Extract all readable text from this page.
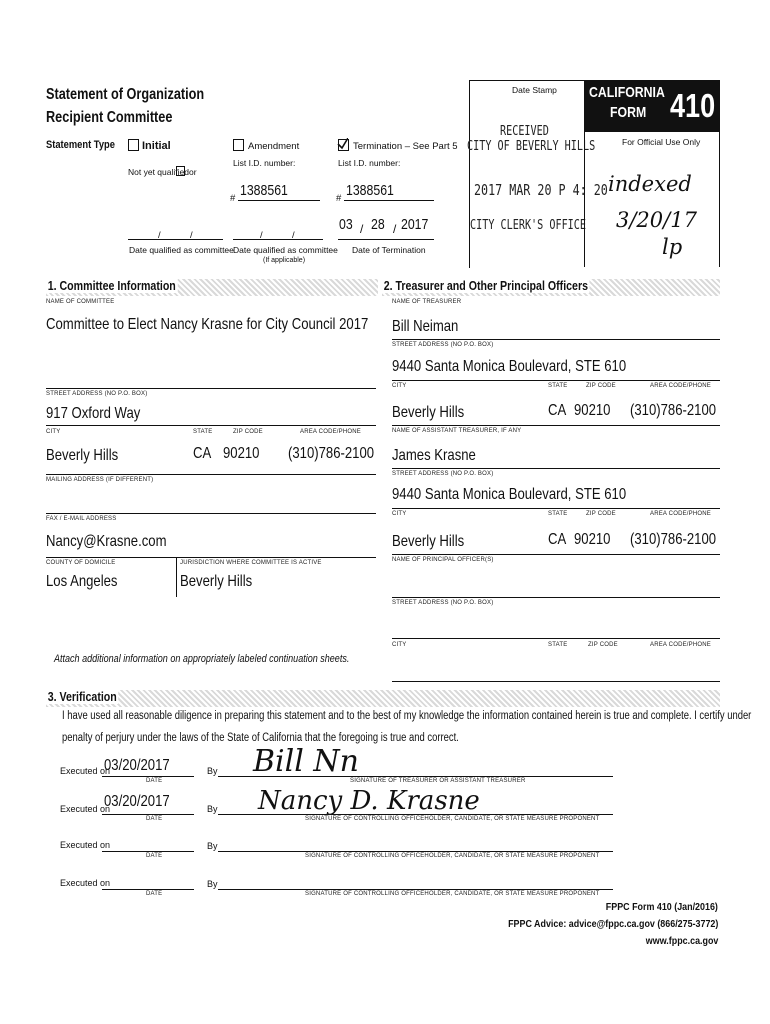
Statement of Organization
Recipient Committee
Statement Type Initial
Not yet qualified or
Amendment
List I.D. number:
# 1388561
Termination – See Part 5
List I.D. number:
# 1388561
/	/
Date qualified as committee
/	/
Date qualified as committee
(If applicable)
03 / 28 / 2017
Date of Termination
Date Stamp
RECEIVED
CITY OF BEVERLY HILLS
2017 MAR 20 P 4: 20
CITY CLERK'S OFFICE
CALIFORNIA
FORM 410
For Official Use Only
indexed
3/20/17
lp
1. Committee Information	2. Treasurer and Other Principal Officers
NAME OF COMMITTEE
Committee to Elect Nancy Krasne for City Council 2017
STREET ADDRESS (NO P.O. BOX)
917 Oxford Way
CITY	STATE	ZIP CODE	AREA CODE/PHONE
Beverly Hills	CA 90210 (310)786-2100
MAILING ADDRESS (IF DIFFERENT)
FAX / E-MAIL ADDRESS
Nancy@Krasne.com
COUNTY OF DOMICILE	JURISDICTION WHERE COMMITTEE IS ACTIVE
Los Angeles	Beverly Hills
NAME OF TREASURER
Bill Neiman
STREET ADDRESS (NO P.O. BOX)
9440 Santa Monica Boulevard, STE 610
CITY	STATE	ZIP CODE	AREA CODE/PHONE
Beverly Hills	CA 90210 (310)786-2100
NAME OF ASSISTANT TREASURER, IF ANY
James Krasne
STREET ADDRESS (NO P.O. BOX)
9440 Santa Monica Boulevard, STE 610
CITY	STATE	ZIP CODE	AREA CODE/PHONE
Beverly Hills	CA 90210 (310)786-2100
NAME OF PRINCIPAL OFFICER(S)
STREET ADDRESS (NO P.O. BOX)
CITY	STATE	ZIP CODE	AREA CODE/PHONE
Attach additional information on appropriately labeled continuation sheets.
3. Verification
I have used all reasonable diligence in preparing this statement and to the best of my knowledge the information contained herein is true and complete. I certify under
penalty of perjury under the laws of the State of California that the foregoing is true and correct.
Executed on
03/20/2017
DATE
By Bill Nn
SIGNATURE OF TREASURER OR ASSISTANT TREASURER
Executed on
03/20/2017
DATE
By Nancy D. Krasne
SIGNATURE OF CONTROLLING OFFICEHOLDER, CANDIDATE, OR STATE MEASURE PROPONENT
Executed on
DATE
By
SIGNATURE OF CONTROLLING OFFICEHOLDER, CANDIDATE, OR STATE MEASURE PROPONENT
Executed on
DATE
By
SIGNATURE OF CONTROLLING OFFICEHOLDER, CANDIDATE, OR STATE MEASURE PROPONENT
FPPC Form 410 (Jan/2016)
FPPC Advice: advice@fppc.ca.gov (866/275-3772)
www.fppc.ca.gov
